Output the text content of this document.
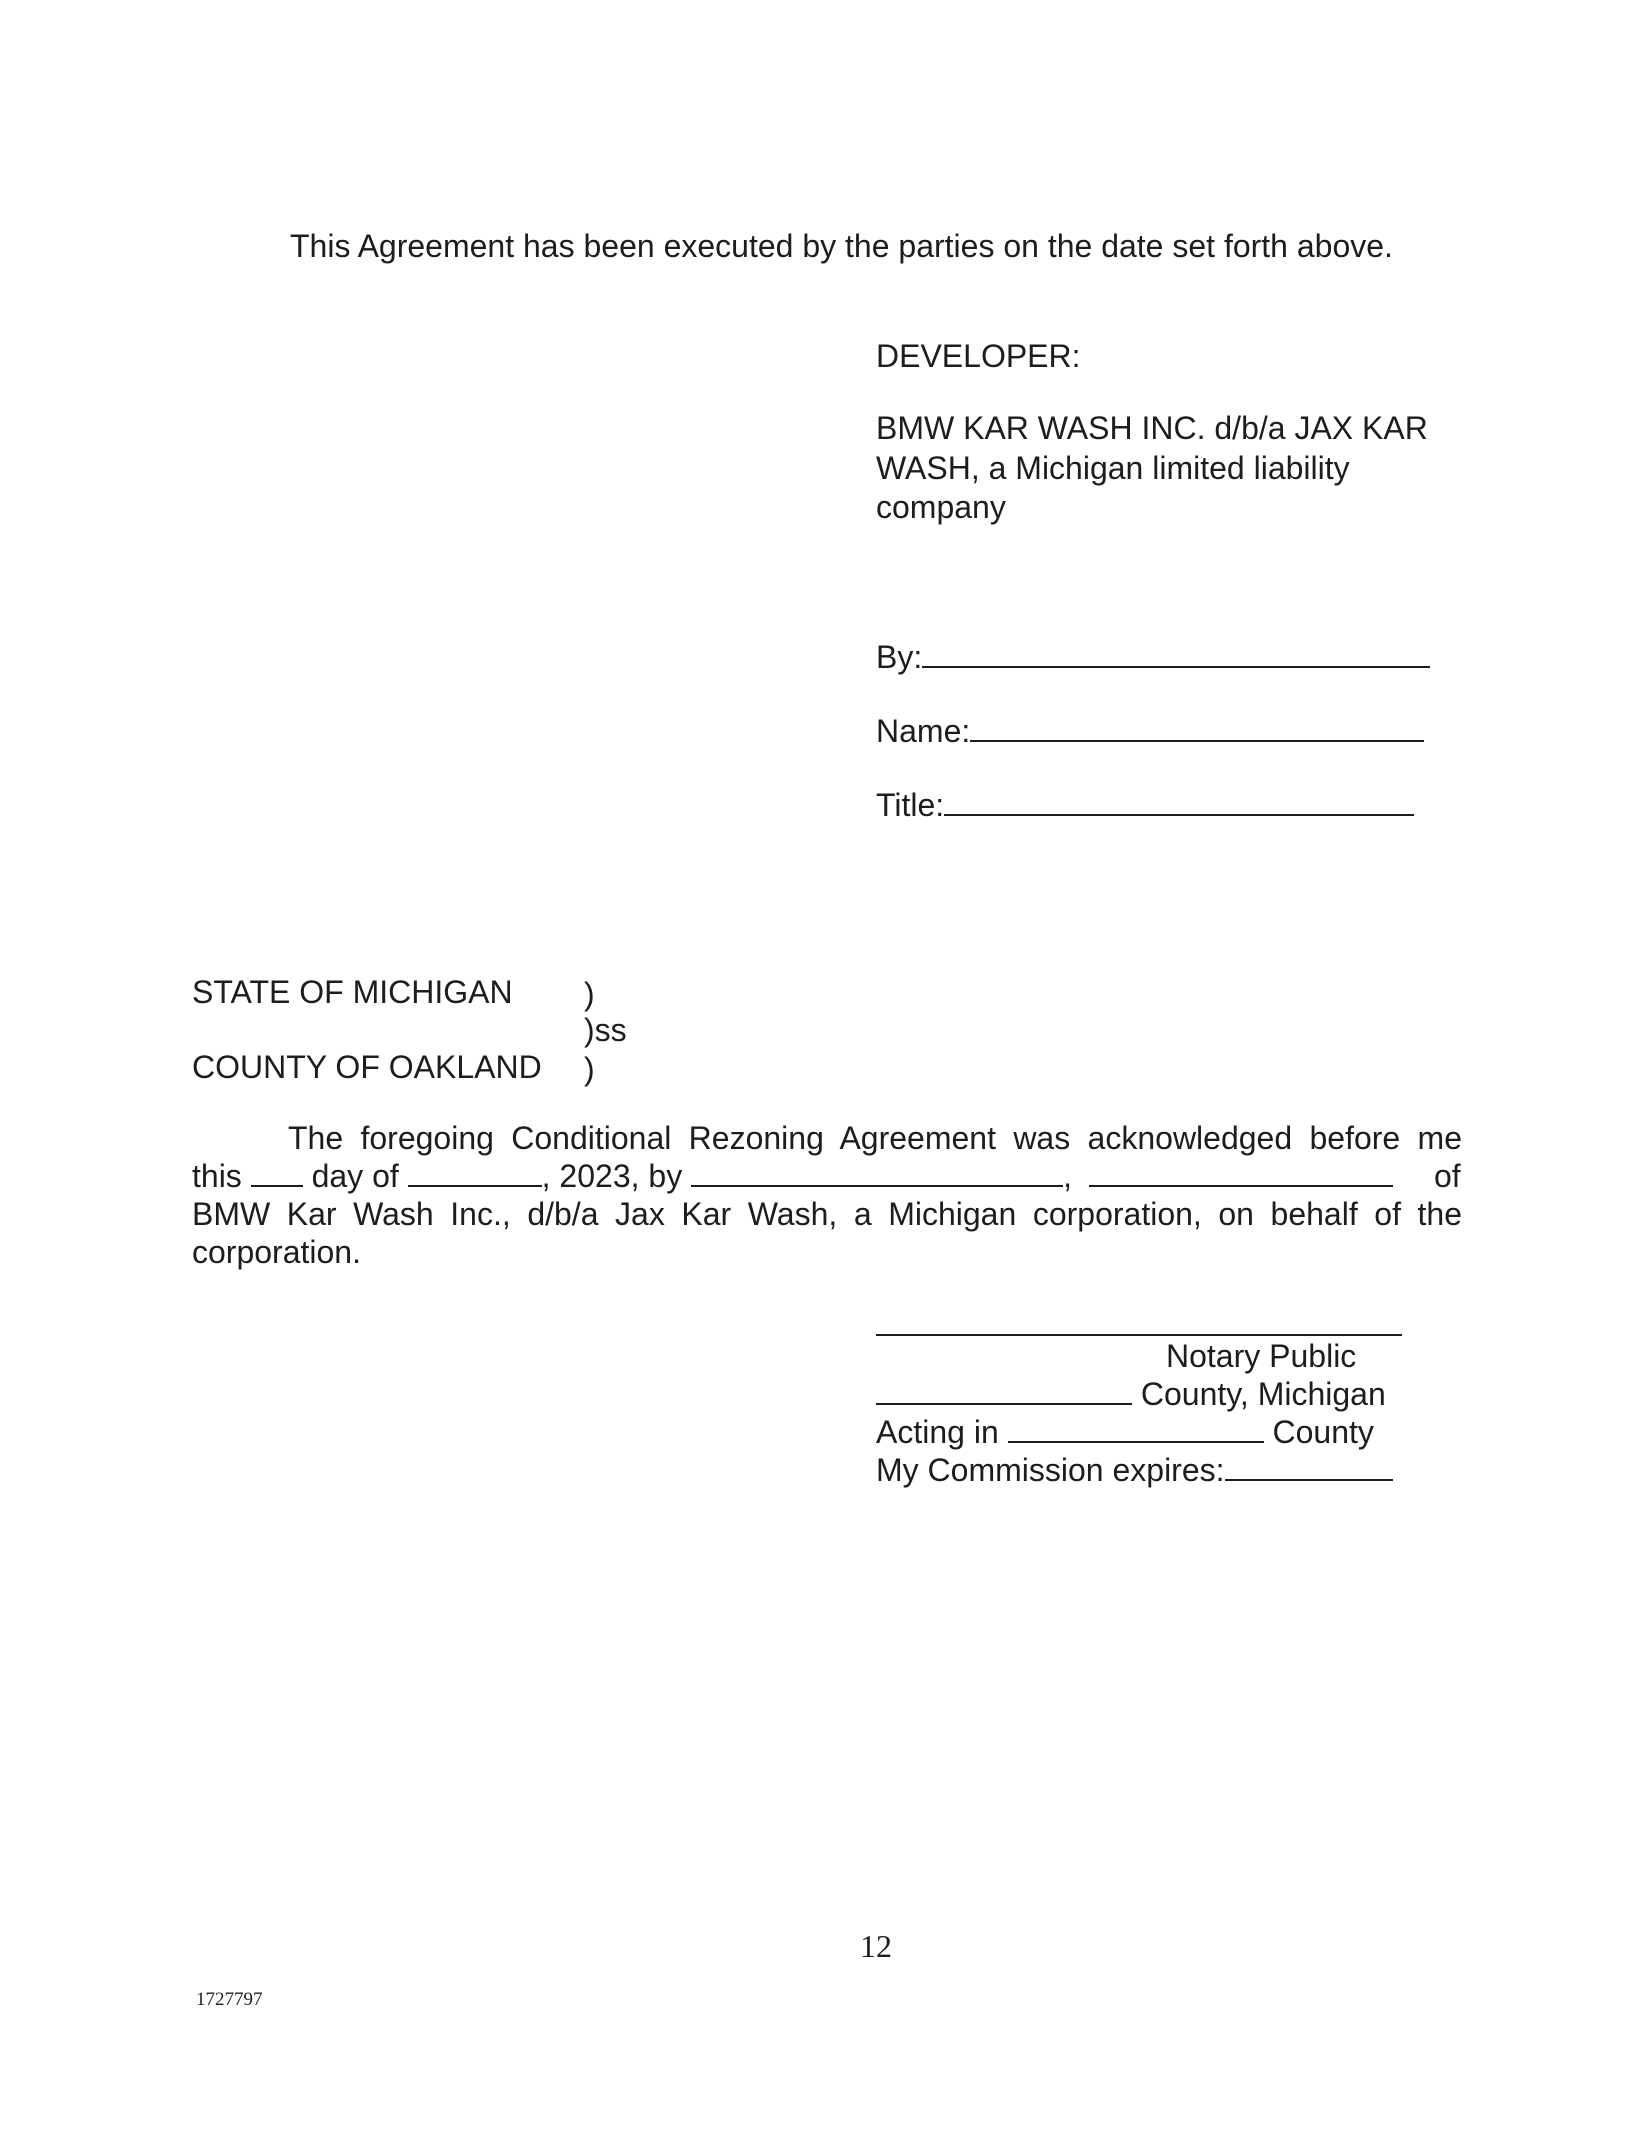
This Agreement has been executed by the parties on the date set forth above.
DEVELOPER:
BMW KAR WASH INC. d/b/a JAX KAR
WASH, a Michigan limited liability
company
By:
Name:
Title:
STATE OF MICHIGAN )
)ss
COUNTY OF OAKLAND )
The foregoing Conditional Rezoning Agreement was acknowledged before me
this day of	, 2023, by	,	of
BMW Kar Wash Inc., d/b/a Jax Kar Wash, a Michigan corporation, on behalf of the
corporation.
Notary Public
County, Michigan
Acting in	County
My Commission expires:
12
1727797
